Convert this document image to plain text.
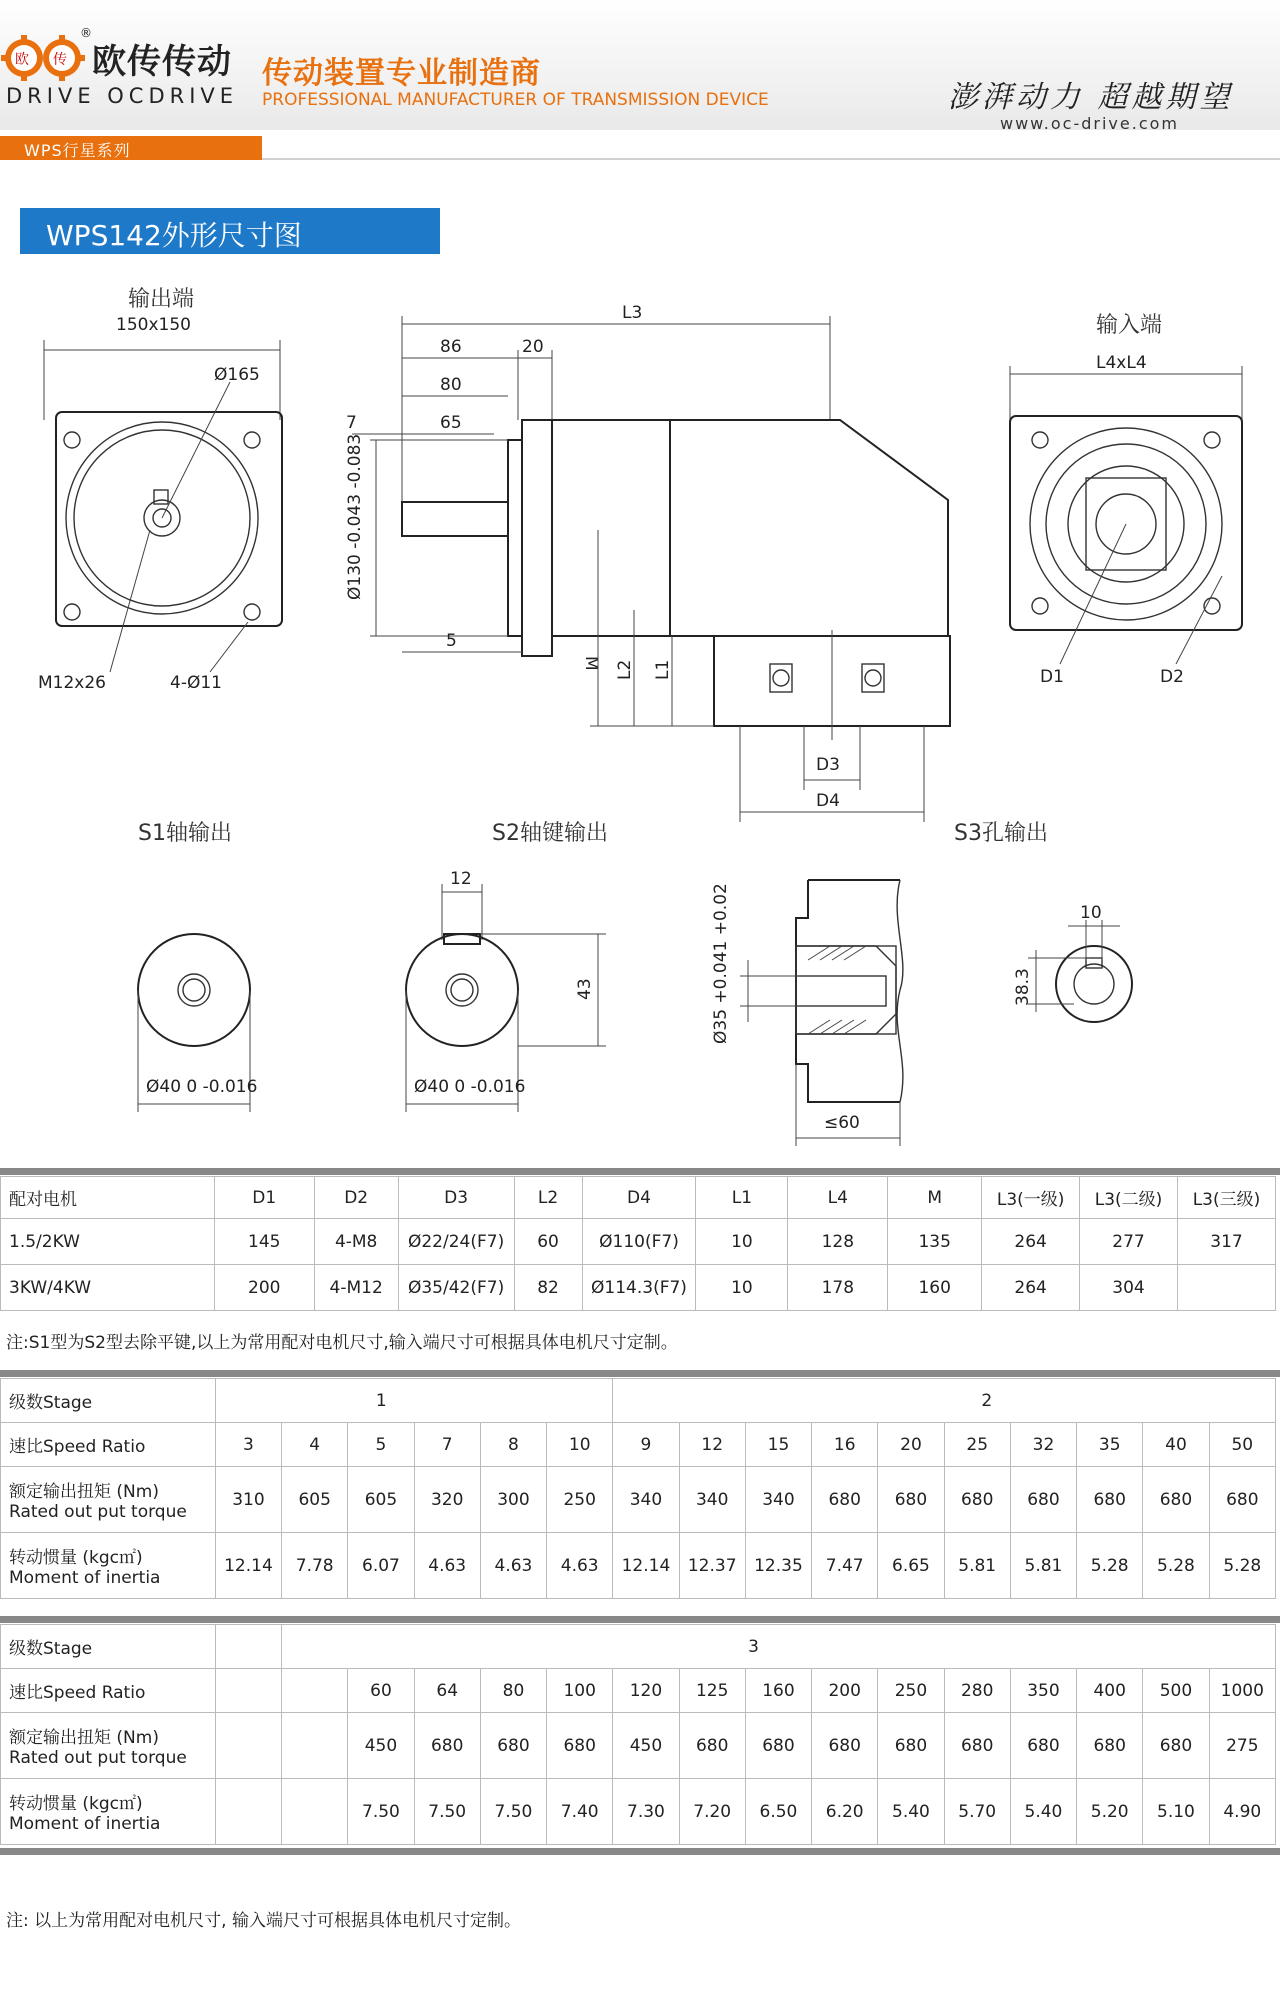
欧 传
®
欧传传动
DRIVE OCDRIVE
传动装置专业制造商
PROFESSIONAL MANUFACTURER OF TRANSMISSION DEVICE	澎湃动力 超越期望
www.oc-drive.com
WPS行星系列
WPS142外形尺寸图
输出端
150x150
Ø165
M12x26	4-Ø11
L3
86	20
80
65
7
Ø130 -0.043 -0.083
5
M L2 L1
D3
D4
输入端
L4xL4
D1	D2
S1轴输出
Ø40 0 -0.016
S2轴键输出
12
43
Ø40 0 -0.016
S3孔输出
Ø35 +0.041 +0.02
≤60
10
38.3
配对电机	D1	D2	D3	L2	D4	L1	L4	M	L3(一级)	L3(二级)	L3(三级)
1.5/2KW	145	4-M8	Ø22/24(F7)	60	Ø110(F7)	10	128	135	264	277	317
3KW/4KW	200	4-M12	Ø35/42(F7)	82	Ø114.3(F7)	10	178	160	264	304	
注:S1型为S2型去除平键,以上为常用配对电机尺寸,输入端尺寸可根据具体电机尺寸定制。
级数Stage	1						2									
速比Speed Ratio	3	4	5	7	8	10	9	12	15	16	20	25	32	35	40	50

额定输出扭矩 (Nm)
Rated out put torque	310	605	605	320	300	250	340	340	340	680	680	680	680	680	680	680

转动惯量 (kgc㎡)
Moment of inertia	12.14	7.78	6.07	4.63	4.63	4.63	12.14	12.37	12.35	7.47	6.65	5.81	5.81	5.28	5.28	5.28
级数Stage		3														
速比Speed Ratio			60	64	80	100	120	125	160	200	250	280	350	400	500	1000

额定输出扭矩 (Nm)
Rated out put torque			450	680	680	680	450	680	680	680	680	680	680	680	680	275

转动惯量 (kgc㎡)
Moment of inertia			7.50	7.50	7.50	7.40	7.30	7.20	6.50	6.20	5.40	5.70	5.40	5.20	5.10	4.90
注: 以上为常用配对电机尺寸, 输入端尺寸可根据具体电机尺寸定制。
